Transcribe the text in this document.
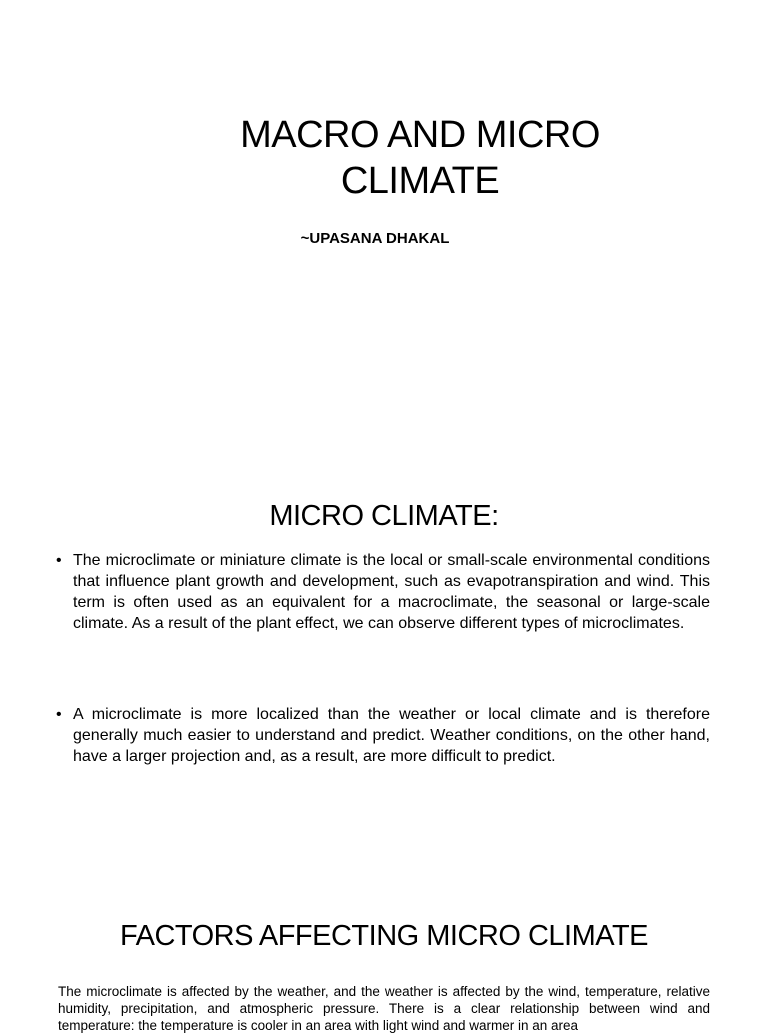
MACRO AND MICRO
CLIMATE

~UPASANA DHAKAL

MICRO CLIMATE:
• The microclimate or miniature climate is the local or small-scale environmental conditions that influence plant growth and development, such as evapotranspiration and wind. This term is often used as an equivalent for a macroclimate, the seasonal or large-scale climate. As a result of the plant effect, we can observe different types of microclimates.
• A microclimate is more localized than the weather or local climate and is therefore generally much easier to understand and predict. Weather conditions, on the other hand, have a larger projection and, as a result, are more difficult to predict.
FACTORS AFFECTING MICRO CLIMATE

The microclimate is affected by the weather, and the weather is affected by the wind, temperature, relative humidity, precipitation, and atmospheric pressure. There is a clear relationship between wind and temperature: the temperature is cooler in an area with light wind and warmer in an area
